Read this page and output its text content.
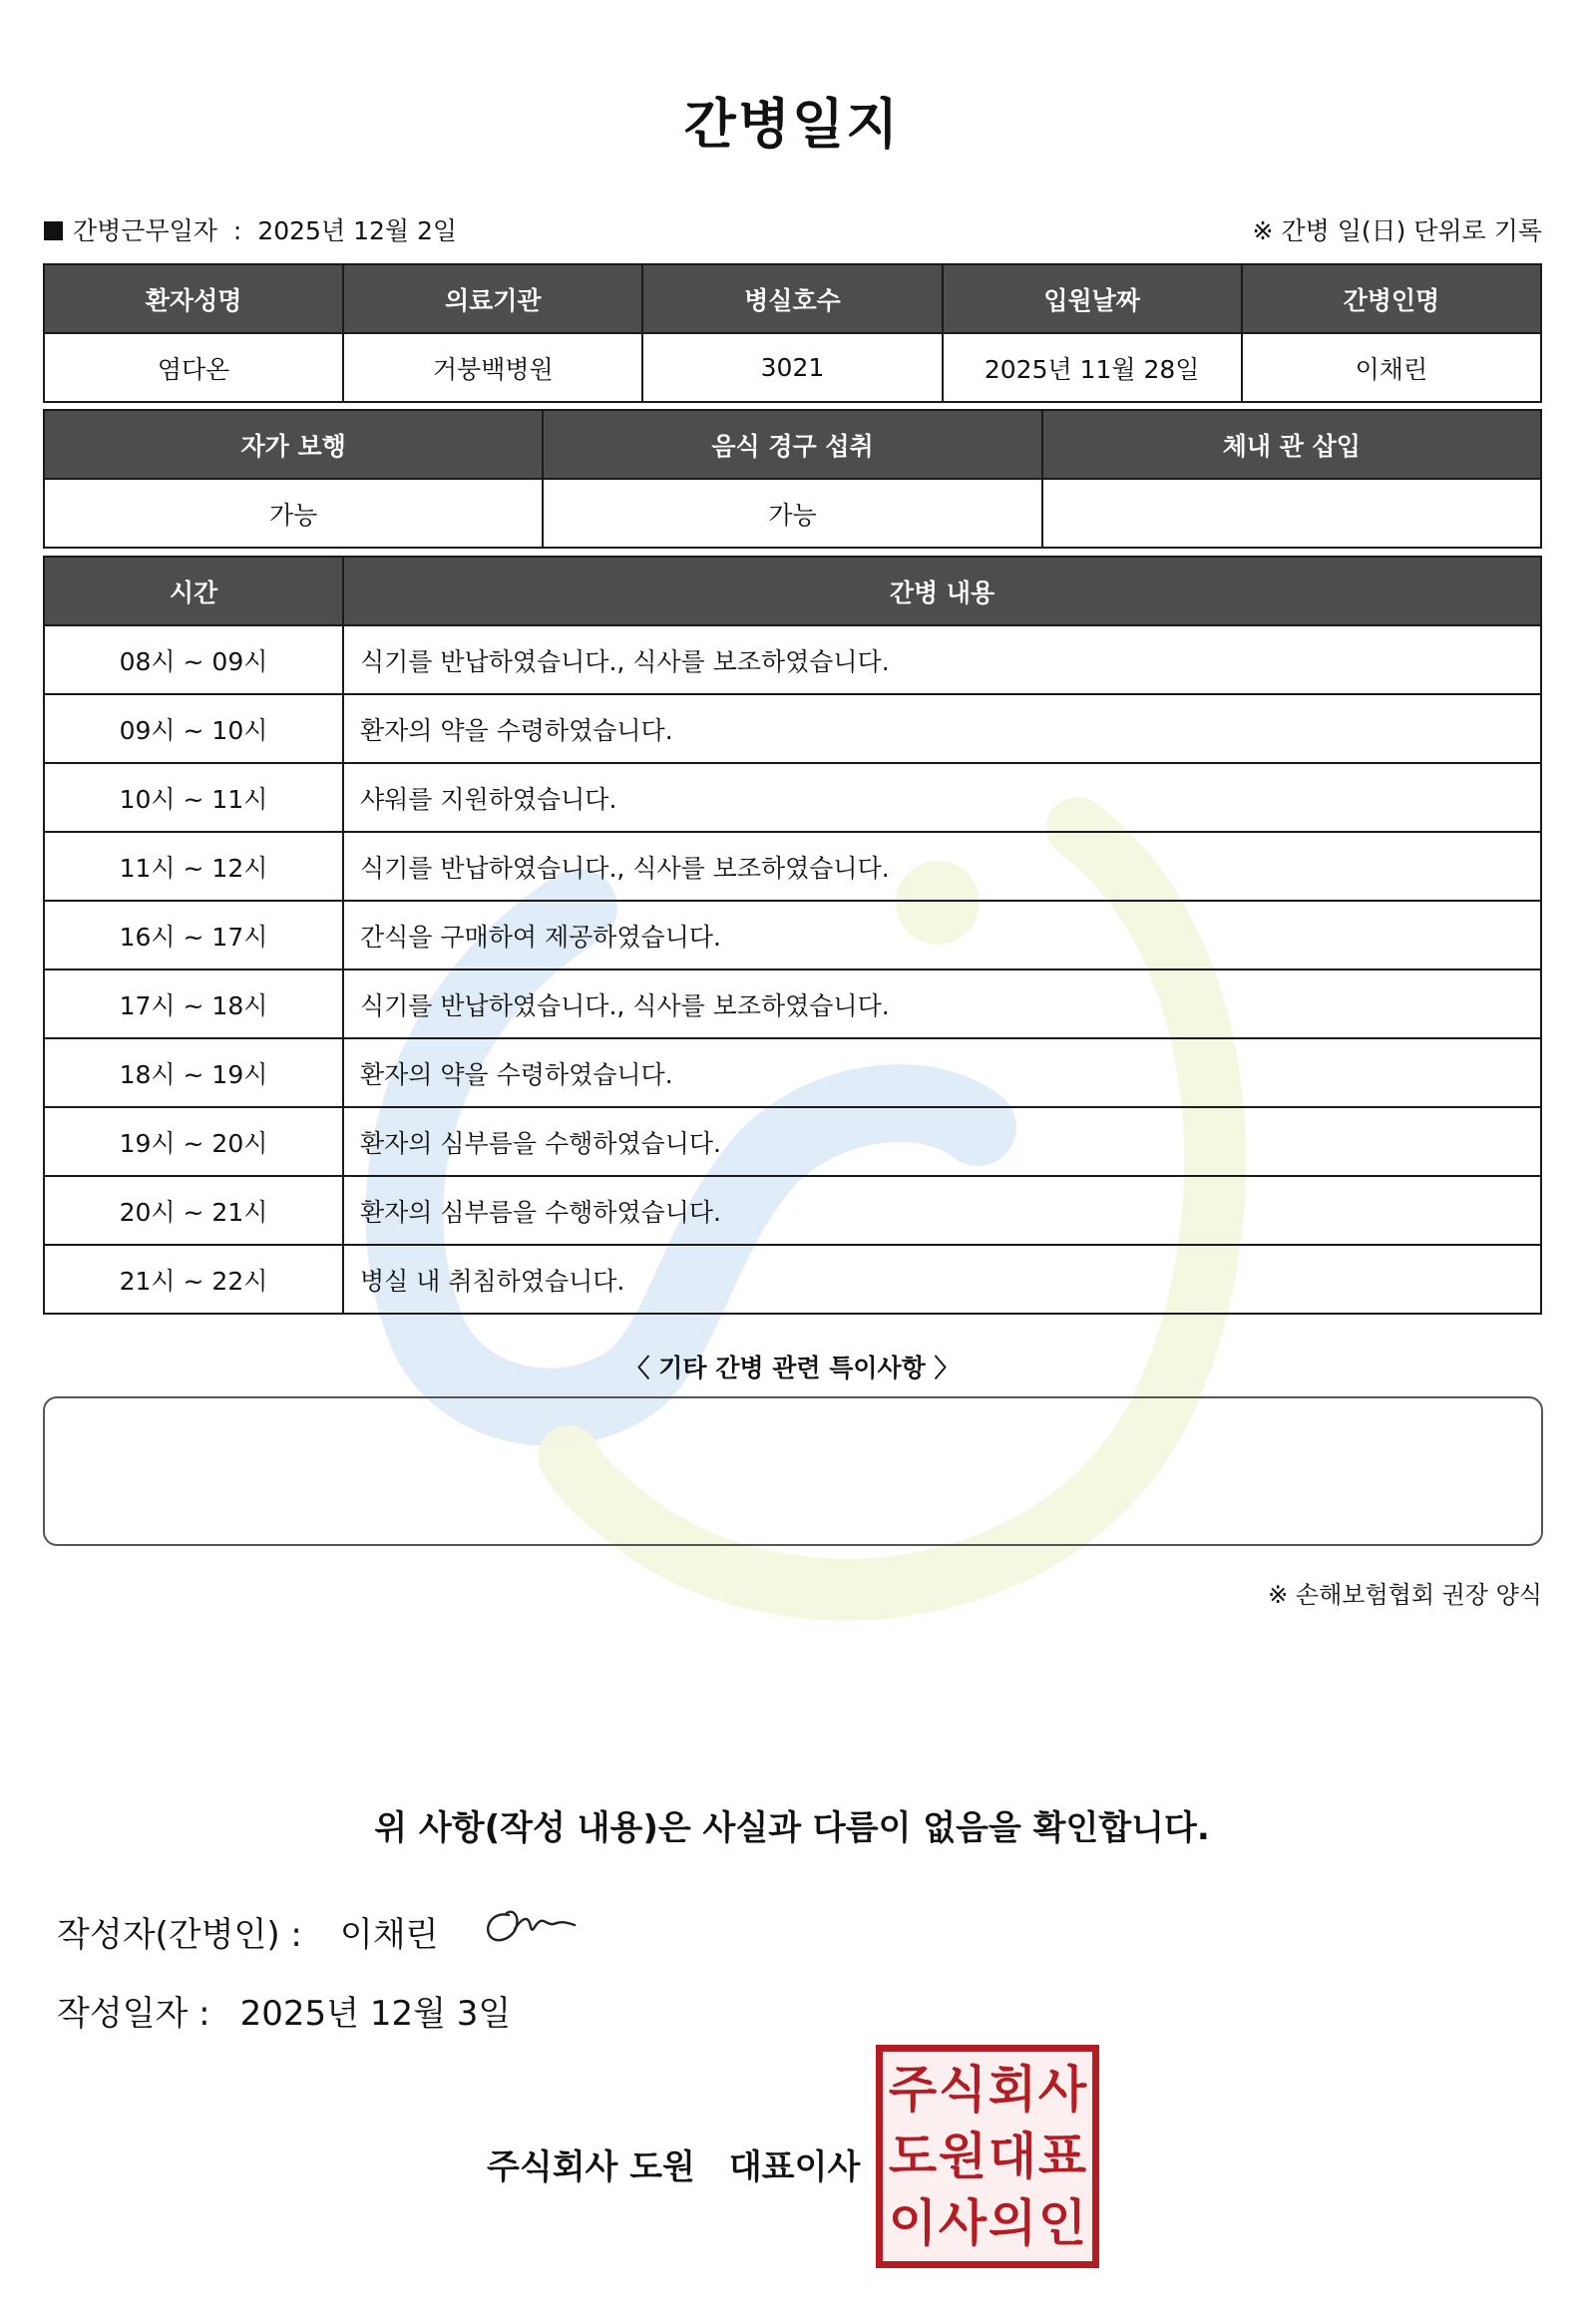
간병일지
간병근무일자 : 2025년 12월 2일	※ 간병 일(日) 단위로 기록
환자성명	의료기관	병실호수	입원날짜	간병인명
염다온	거붕백병원	3021	2025년 11월 28일	이채린
자가 보행	음식 경구 섭취	체내 관 삽입
가능	가능	
시간	간병 내용
08시 ~ 09시	식기를 반납하였습니다., 식사를 보조하였습니다.
09시 ~ 10시	환자의 약을 수령하였습니다.
10시 ~ 11시	샤워를 지원하였습니다.
11시 ~ 12시	식기를 반납하였습니다., 식사를 보조하였습니다.
16시 ~ 17시	간식을 구매하여 제공하였습니다.
17시 ~ 18시	식기를 반납하였습니다., 식사를 보조하였습니다.
18시 ~ 19시	환자의 약을 수령하였습니다.
19시 ~ 20시	환자의 심부름을 수행하였습니다.
20시 ~ 21시	환자의 심부름을 수행하였습니다.
21시 ~ 22시	병실 내 취침하였습니다.
〈 기타 간병 관련 특이사항 〉
※ 손해보험협회 권장 양식
위 사항(작성 내용)은 사실과 다름이 없음을 확인합니다.
작성자(간병인) : 이채린
작성일자 : 2025년 12월 3일
주식회사 도원 대표이사
주 식 회 사
도 원 대 표
이 사 의 인
